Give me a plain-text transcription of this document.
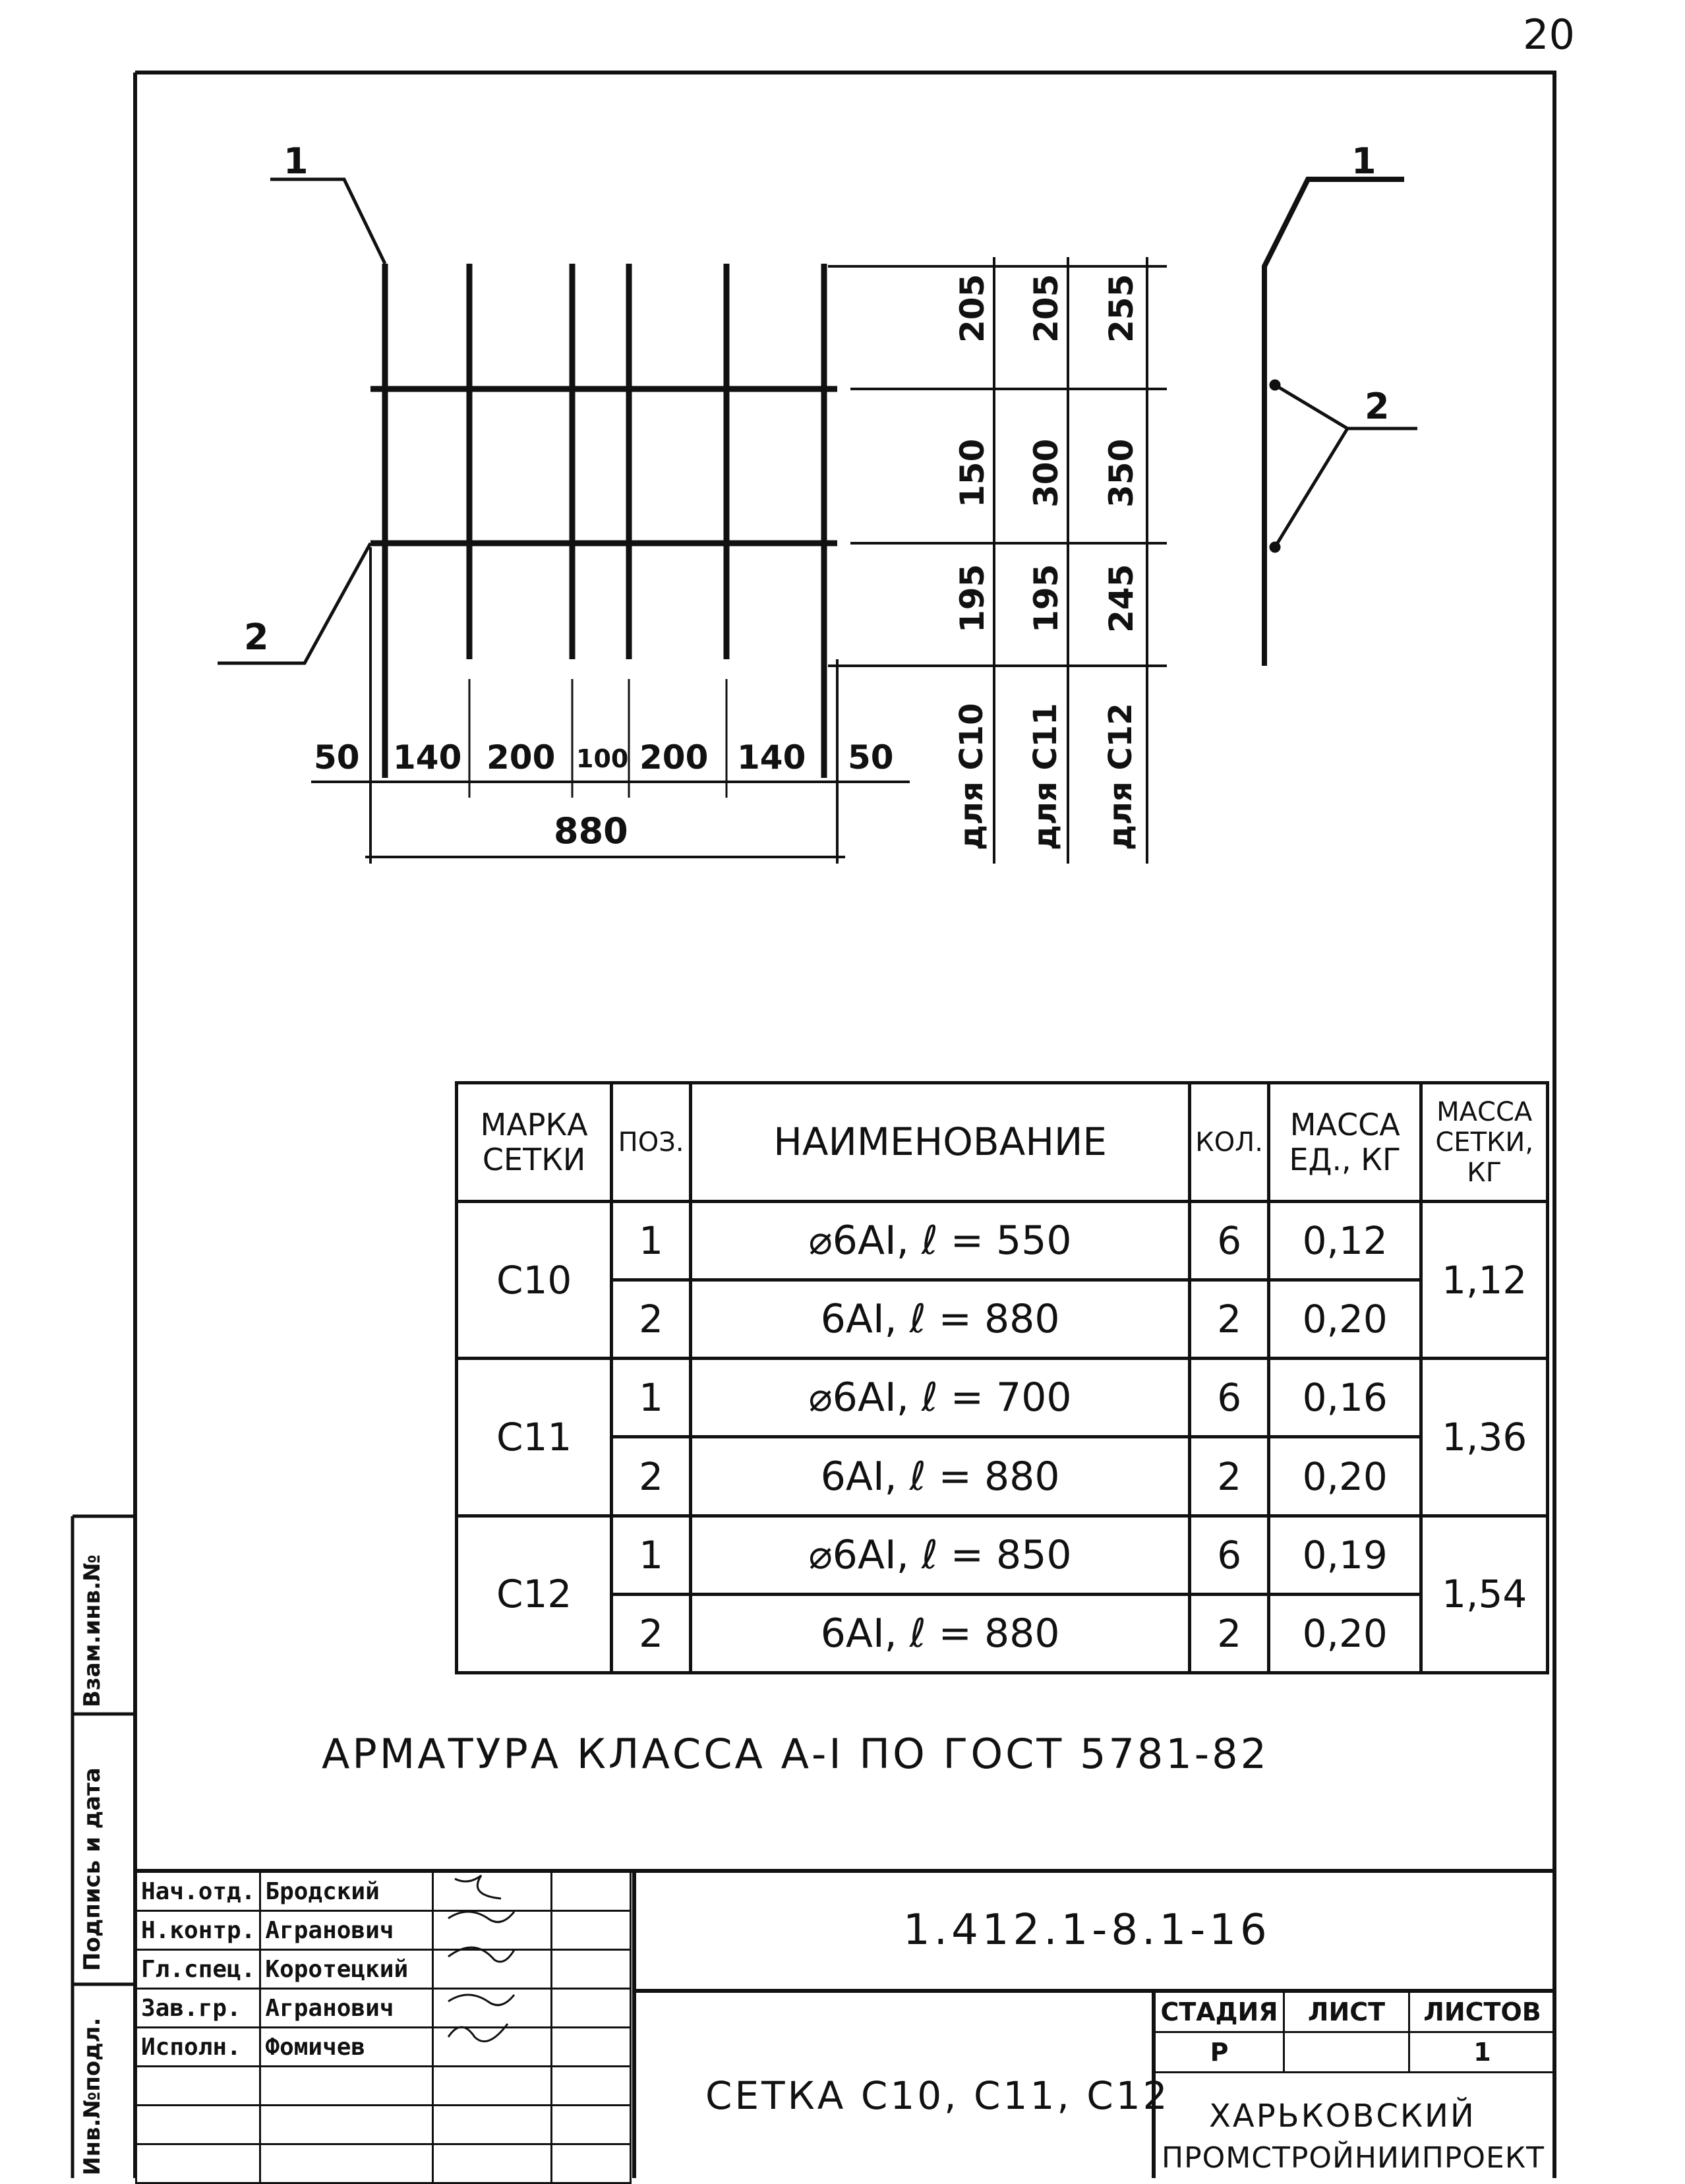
20
1
2
1
2
50 140 200 100 200 140 50
880
205
150
195
для С10
205
300
195
для С11
255
350
245
для С12
МАРКА СЕТКИ	ПОЗ.	НАИМЕНОВАНИЕ	КОЛ.	МАССА ЕД., КГ	МАССА СЕТКИ, КГ
С10	1	⌀6АI, ℓ = 550	6	0,12	1,12
	2	6АI, ℓ = 880	2	0,20	
С11	1	⌀6АI, ℓ = 700	6	0,16	1,36
	2	6АI, ℓ = 880	2	0,20	
С12	1	⌀6АI, ℓ = 850	6	0,19	1,54
	2	6АI, ℓ = 880	2	0,20	
АРМАТУРА КЛАССА А-I ПО ГОСТ 5781-82
Нач.отд.	Бродский		
Н.контр.	Агранович		
Гл.спец.	Коротецкий		
Зав.гр.	Агранович		
Исполн.	Фомичев		

1.412.1-8.1-16
СЕТКА С10, С11, С12
СТАДИЯ	ЛИСТ	ЛИСТОВ
Р		1
ХАРЬКОВСКИЙ
ПРОМСТРОЙНИИПРОЕКТ
Инв.№подл.
Подпись и дата
Взам.инв.№
